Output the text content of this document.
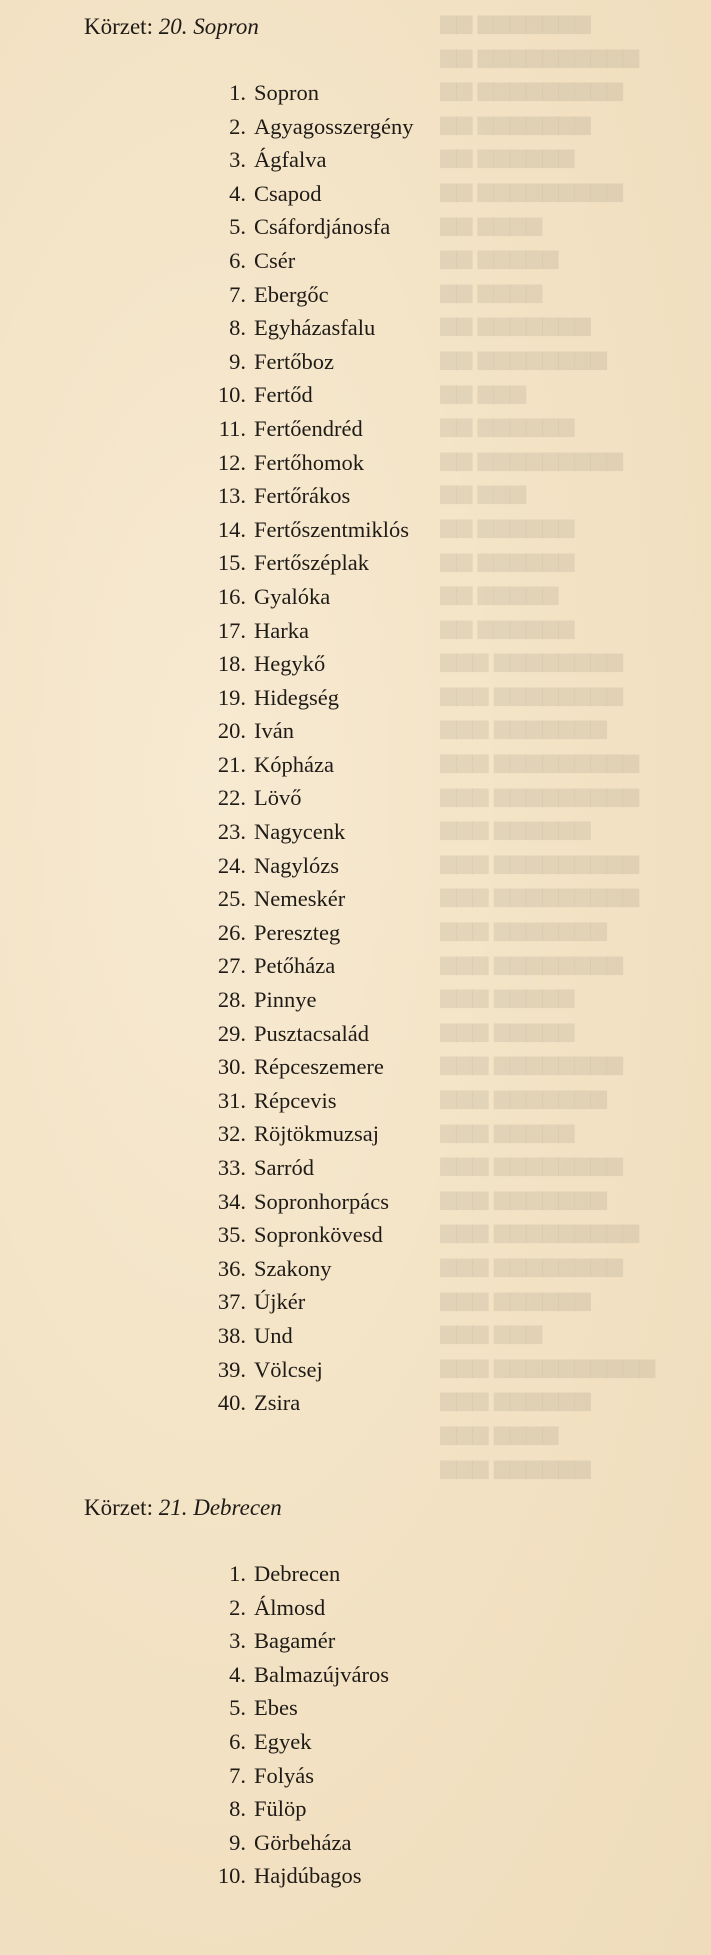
▆▆ ▆▆▆▆▆▆▆
▆▆ ▆▆▆▆▆▆▆▆▆▆
▆▆ ▆▆▆▆▆▆▆▆▆
▆▆ ▆▆▆▆▆▆▆
▆▆ ▆▆▆▆▆▆
▆▆ ▆▆▆▆▆▆▆▆▆
▆▆ ▆▆▆▆
▆▆ ▆▆▆▆▆
▆▆ ▆▆▆▆
▆▆ ▆▆▆▆▆▆▆
▆▆ ▆▆▆▆▆▆▆▆
▆▆ ▆▆▆
▆▆ ▆▆▆▆▆▆
▆▆ ▆▆▆▆▆▆▆▆▆
▆▆ ▆▆▆
▆▆ ▆▆▆▆▆▆
▆▆ ▆▆▆▆▆▆
▆▆ ▆▆▆▆▆
▆▆ ▆▆▆▆▆▆
▆▆▆ ▆▆▆▆▆▆▆▆
▆▆▆ ▆▆▆▆▆▆▆▆
▆▆▆ ▆▆▆▆▆▆▆
▆▆▆ ▆▆▆▆▆▆▆▆▆
▆▆▆ ▆▆▆▆▆▆▆▆▆
▆▆▆ ▆▆▆▆▆▆
▆▆▆ ▆▆▆▆▆▆▆▆▆
▆▆▆ ▆▆▆▆▆▆▆▆▆
▆▆▆ ▆▆▆▆▆▆▆
▆▆▆ ▆▆▆▆▆▆▆▆
▆▆▆ ▆▆▆▆▆
▆▆▆ ▆▆▆▆▆
▆▆▆ ▆▆▆▆▆▆▆▆
▆▆▆ ▆▆▆▆▆▆▆
▆▆▆ ▆▆▆▆▆
▆▆▆ ▆▆▆▆▆▆▆▆
▆▆▆ ▆▆▆▆▆▆▆
▆▆▆ ▆▆▆▆▆▆▆▆▆
▆▆▆ ▆▆▆▆▆▆▆▆
▆▆▆ ▆▆▆▆▆▆
▆▆▆ ▆▆▆
▆▆▆ ▆▆▆▆▆▆▆▆▆▆
▆▆▆ ▆▆▆▆▆▆
▆▆▆ ▆▆▆▆
▆▆▆ ▆▆▆▆▆▆
Körzet: 20. Sopron
1. Sopron
2. Agyagosszergény
3. Ágfalva
4. Csapod
5. Csáfordjánosfa
6. Csér
7. Ebergőc
8. Egyházasfalu
9. Fertőboz
10. Fertőd
11. Fertőendréd
12. Fertőhomok
13. Fertőrákos
14. Fertőszentmiklós
15. Fertőszéplak
16. Gyalóka
17. Harka
18. Hegykő
19. Hidegség
20. Iván
21. Kópháza
22. Lövő
23. Nagycenk
24. Nagylózs
25. Nemeskér
26. Pereszteg
27. Petőháza
28. Pinnye
29. Pusztacsalád
30. Répceszemere
31. Répcevis
32. Röjtökmuzsaj
33. Sarród
34. Sopronhorpács
35. Sopronkövesd
36. Szakony
37. Újkér
38. Und
39. Völcsej
40. Zsira
Körzet: 21. Debrecen
1. Debrecen
2. Álmosd
3. Bagamér
4. Balmazújváros
5. Ebes
6. Egyek
7. Folyás
8. Fülöp
9. Görbeháza
10. Hajdúbagos
